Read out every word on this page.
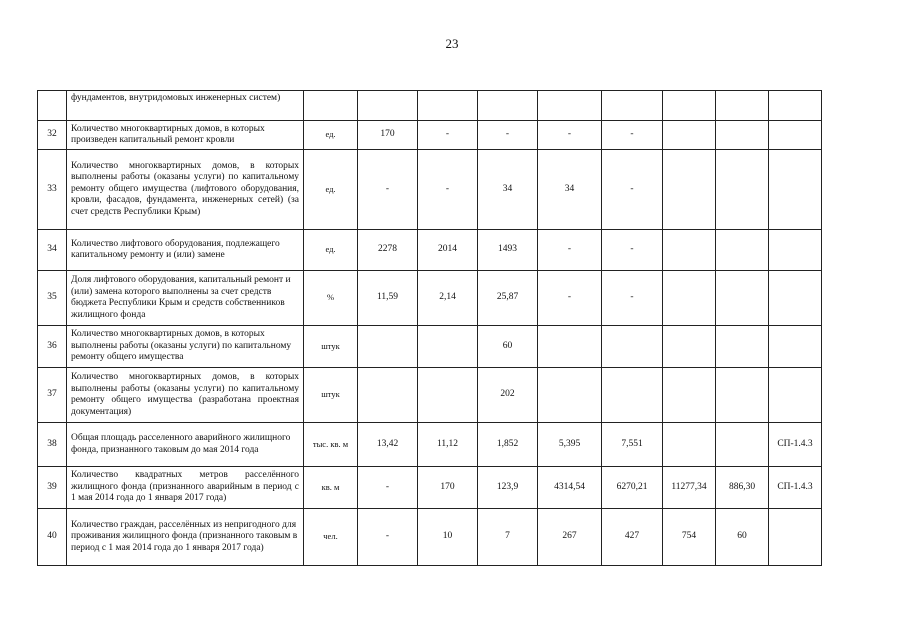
23
	фундаментов, внутридомовых инженерных систем)									
32	Количество многоквартирных домов, в которых произведен капитальный ремонт кровли	ед.	170	-	-	-	-			
33	Количество многоквартирных домов, в которых выполнены работы (оказаны услуги) по капитальному ремонту общего имущества (лифтового оборудования, кровли, фасадов, фундамента, инженерных сетей) (за счет средств Республики Крым)	ед.	-	-	34	34	-			
34	Количество лифтового оборудования, подлежащего капитальному ремонту и (или) замене	ед.	2278	2014	1493	-	-			
35	Доля лифтового оборудования, капитальный ремонт и (или) замена которого выполнены за счет средств бюджета Республики Крым и средств собственников жилищного фонда	%	11,59	2,14	25,87	-	-			
36	Количество многоквартирных домов, в которых выполнены работы (оказаны услуги) по капитальному ремонту общего имущества	штук			60					
37	Количество многоквартирных домов, в которых выполнены работы (оказаны услуги) по капитальному ремонту общего имущества (разработана проектная документация)	штук			202					
38	Общая площадь расселенного аварийного жилищного фонда, признанного таковым до мая 2014 года	тыс. кв. м	13,42	11,12	1,852	5,395	7,551			СП-1.4.3
39	Количество квадратных метров расселённого жилищного фонда (признанного аварийным в период с 1 мая 2014 года до 1 января 2017 года)	кв. м	-	170	123,9	4314,54	6270,21	11277,34	886,30	СП-1.4.3
40	Количество граждан, расселённых из непригодного для проживания жилищного фонда (признанного таковым в период с 1 мая 2014 года до 1 января 2017 года)	чел.	-	10	7	267	427	754	60	
